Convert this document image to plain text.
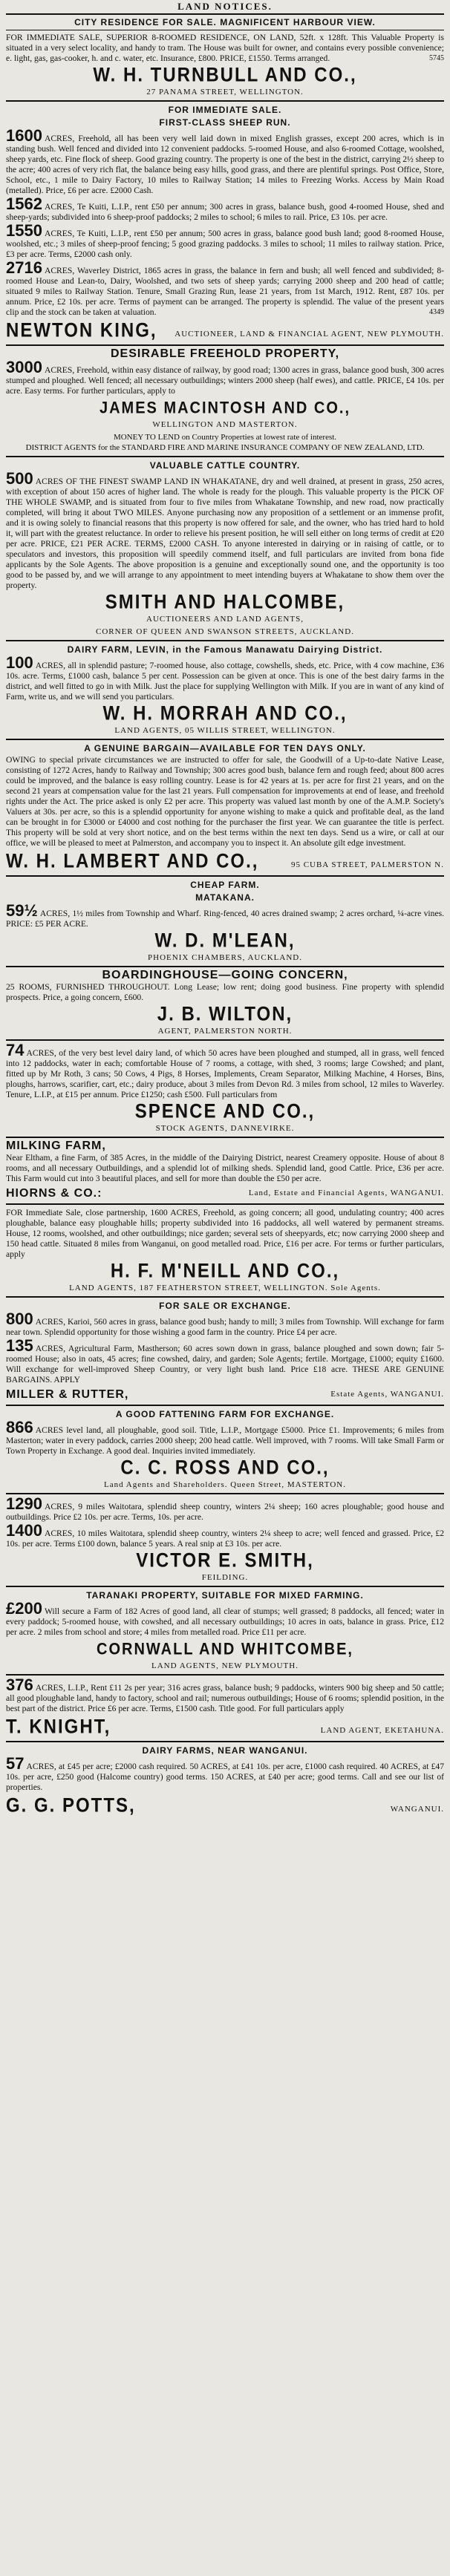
LAND NOTICES.
CITY RESIDENCE FOR SALE. MAGNIFICENT HARBOUR VIEW.
FOR IMMEDIATE SALE, SUPERIOR 8-ROOMED RESIDENCE, ON LAND, 52ft. x 128ft. This Valuable Property is situated in a very select locality, and handy to tram. The House was built for owner, and contains every possible convenience; e. light, gas, gas-cooker, h. and c. water, etc. Insurance, £800. PRICE, £1550. Terms arranged.	5745
W. H. TURNBULL AND CO.,
27 PANAMA STREET, WELLINGTON.
FOR IMMEDIATE SALE.
FIRST-CLASS SHEEP RUN.
1600 ACRES, Freehold, all has been very well laid down in mixed English grasses, except 200 acres, which is in standing bush. Well fenced and divided into 12 convenient paddocks. 5-roomed House, and also 6-roomed Cottage, woolshed, sheep yards, etc. Fine flock of sheep. Good grazing country. The property is one of the best in the district, carrying 2½ sheep to the acre; 400 acres of very rich flat, the balance being easy hills, good grass, and there are plentiful springs. Post Office, Store, School, etc., 1 mile to Dairy Factory, 10 miles to Railway Station; 14 miles to Freezing Works. Access by Main Road (metalled). Price, £6 per acre. £2000 Cash.
1562 ACRES, Te Kuiti, L.I.P., rent £50 per annum; 300 acres in grass, balance bush, good 4-roomed House, shed and sheep-yards; subdivided into 6 sheep-proof paddocks; 2 miles to school; 6 miles to rail. Price, £3 10s. per acre.
1550 ACRES, Te Kuiti, L.I.P., rent £50 per annum; 500 acres in grass, balance good bush land; good 8-roomed House, woolshed, etc.; 3 miles of sheep-proof fencing; 5 good grazing paddocks. 3 miles to school; 11 miles to railway station. Price, £3 per acre. Terms, £2000 cash only.
2716 ACRES, Waverley District, 1865 acres in grass, the balance in fern and bush; all well fenced and subdivided; 8-roomed House and Lean-to, Dairy, Woolshed, and two sets of sheep yards; carrying 2000 sheep and 200 head of cattle; situated 9 miles to Railway Station. Tenure, Small Grazing Run, lease 21 years, from 1st March, 1912. Rent, £87 10s. per annum. Price, £2 10s. per acre. Terms of payment can be arranged. The property is splendid. The value of the present years clip and the stock can be taken at valuation.	4349
NEWTON KING, AUCTIONEER, LAND & FINANCIAL AGENT, NEW PLYMOUTH.
DESIRABLE FREEHOLD PROPERTY,
3000 ACRES, Freehold, within easy distance of railway, by good road; 1300 acres in grass, balance good bush, 300 acres stumped and ploughed. Well fenced; all necessary outbuildings; winters 2000 sheep (half ewes), and cattle. PRICE, £4 10s. per acre. Easy terms. For further particulars, apply to
JAMES MACINTOSH AND CO.,
WELLINGTON AND MASTERTON.
MONEY TO LEND on Country Properties at lowest rate of interest.
DISTRICT AGENTS for the STANDARD FIRE AND MARINE INSURANCE COMPANY OF NEW ZEALAND, LTD.
VALUABLE CATTLE COUNTRY.
500 ACRES OF THE FINEST SWAMP LAND IN WHAKATANE, dry and well drained, at present in grass, 250 acres, with exception of about 150 acres of higher land. The whole is ready for the plough. This valuable property is the PICK OF THE WHOLE SWAMP, and is situated from four to five miles from Whakatane Township, and new road, now practically completed, will bring it about TWO MILES. Anyone purchasing now any proposition of a settlement or an immense profit, and it is owing solely to financial reasons that this property is now offered for sale, and the owner, who has tried hard to hold it, will part with the greatest reluctance. In order to relieve his present position, he will sell either on long terms of credit at £20 per acre. PRICE, £21 PER ACRE. TERMS, £2000 CASH. To anyone interested in dairying or in raising of cattle, or to speculators and investors, this proposition will speedily commend itself, and full particulars are invited from bona fide applicants by the Sole Agents. The above proposition is a genuine and exceptionally sound one, and the opportunity is too good to be passed by, and we will arrange to any appointment to meet intending buyers at Whakatane to show them over the property.
SMITH AND HALCOMBE,
AUCTIONEERS AND LAND AGENTS,
CORNER OF QUEEN AND SWANSON STREETS, AUCKLAND.
DAIRY FARM, LEVIN, in the Famous Manawatu Dairying District.
100 ACRES, all in splendid pasture; 7-roomed house, also cottage, cowshells, sheds, etc. Price, with 4 cow machine, £36 10s. acre. Terms, £1000 cash, balance 5 per cent. Possession can be given at once. This is one of the best dairy farms in the district, and well fitted to go in with Milk. Just the place for supplying Wellington with Milk. If you are in want of any kind of Farm, write us, and we will send you particulars.
W. H. MORRAH AND CO.,
LAND AGENTS, 05 WILLIS STREET, WELLINGTON.
A GENUINE BARGAIN—AVAILABLE FOR TEN DAYS ONLY.
OWING to special private circumstances we are instructed to offer for sale, the Goodwill of a Up-to-date Native Lease, consisting of 1272 Acres, handy to Railway and Township; 300 acres good bush, balance fern and rough feed; about 800 acres could be improved, and the balance is easy rolling country. Lease is for 42 years at 1s. per acre for first 21 years, and on the second 21 years at compensation value for the last 21 years. Full compensation for improvements at end of lease, and freehold rights under the Act. The price asked is only £2 per acre. This property was valued last month by one of the A.M.P. Society's Valuers at 30s. per acre, so this is a splendid opportunity for anyone wishing to make a quick and profitable deal, as the land can be brought in for £3000 or £4000 and cost nothing for the purchaser the first year. We can guarantee the title is perfect. This property will be sold at very short notice, and on the best terms within the next ten days. Send us a wire, or call at our office, we will be pleased to meet at Palmerston, and accompany you to inspect it. An absolute gilt edge investment.
W. H. LAMBERT AND CO.,	95 CUBA STREET, PALMERSTON N.
CHEAP FARM.
MATAKANA.
59½ ACRES, 1½ miles from Township and Wharf. Ring-fenced, 40 acres drained swamp; 2 acres orchard, ¼-acre vines. PRICE: £5 PER ACRE.
W. D. M'LEAN,
PHOENIX CHAMBERS, AUCKLAND.
BOARDINGHOUSE—GOING CONCERN,
25 ROOMS, FURNISHED THROUGHOUT. Long Lease; low rent; doing good business. Fine property with splendid prospects. Price, a going concern, £600.
J. B. WILTON,
AGENT, PALMERSTON NORTH.
74 ACRES, of the very best level dairy land, of which 50 acres have been ploughed and stumped, all in grass, well fenced into 12 paddocks, water in each; comfortable House of 7 rooms, a cottage, with shed, 3 rooms; large Cowshed; and plant, fitted up by Mr Roth, 3 cans; 50 Cows, 4 Pigs, 8 Horses, Implements, Cream Separator, Milking Machine, 4 Horses, Bins, ploughs, harrows, scarifier, cart, etc.; dairy produce, about 3 miles from Devon Rd. 3 miles from school, 12 miles to Waverley. Tenure, L.I.P., at £15 per annum. Price £1250; cash £500. Full particulars from
SPENCE AND CO.,
STOCK AGENTS, DANNEVIRKE.
MILKING FARM,
Near Eltham, a fine Farm, of 385 Acres, in the middle of the Dairying District, nearest Creamery opposite. House of about 8 rooms, and all necessary Outbuildings, and a splendid lot of milking sheds. Splendid land, good Cattle. Price, £36 per acre. This Farm would cut into 3 beautiful places, and sell for more than double the £50 per acre.
HIORNS & CO.:	Land, Estate and Financial Agents, WANGANUI.
FOR Immediate Sale, close partnership, 1600 ACRES, Freehold, as going concern; all good, undulating country; 400 acres ploughable, balance easy ploughable hills; property subdivided into 16 paddocks, all well watered by permanent streams. House, 12 rooms, woolshed, and other outbuildings; nice garden; several sets of sheepyards, etc; now carrying 2000 sheep and 150 head cattle. Situated 8 miles from Wanganui, on good metalled road. Price, £16 per acre. For terms or further particulars, apply
H. F. M'NEILL AND CO.,
LAND AGENTS, 187 FEATHERSTON STREET, WELLINGTON. Sole Agents.
FOR SALE OR EXCHANGE.
800 ACRES, Karioi, 560 acres in grass, balance good bush; handy to mill; 3 miles from Township. Will exchange for farm near town. Splendid opportunity for those wishing a good farm in the country. Price £4 per acre.
135 ACRES, Agricultural Farm, Mastherson; 60 acres sown down in grass, balance ploughed and sown down; fair 5-roomed House; also in oats, 45 acres; fine cowshed, dairy, and garden; Sole Agents; fertile. Mortgage, £1000; equity £1600. Will exchange for well-improved Sheep Country, or very light bush land. Price £18 acre. THESE ARE GENUINE BARGAINS. APPLY
MILLER & RUTTER,	Estate Agents, WANGANUI.
A GOOD FATTENING FARM FOR EXCHANGE.
866 ACRES level land, all ploughable, good soil. Title, L.I.P., Mortgage £5000. Price £1. Improvements; 6 miles from Masterton; water in every paddock, carries 2000 sheep; 200 head cattle. Well improved, with 7 rooms. Will take Small Farm or Town Property in Exchange. A good deal. Inquiries invited immediately.
C. C. ROSS AND CO.,
Land Agents and Shareholders. Queen Street, MASTERTON.
1290 ACRES, 9 miles Waitotara, splendid sheep country, winters 2¼ sheep; 160 acres ploughable; good house and outbuildings. Price £2 10s. per acre. Terms, 10s. per acre.
1400 ACRES, 10 miles Waitotara, splendid sheep country, winters 2¼ sheep to acre; well fenced and grassed. Price, £2 10s. per acre. Terms £100 down, balance 5 years. A real snip at £3 10s. per acre.
VICTOR E. SMITH,
FEILDING.
TARANAKI PROPERTY, SUITABLE FOR MIXED FARMING.
£200 Will secure a Farm of 182 Acres of good land, all clear of stumps; well grassed; 8 paddocks, all fenced; water in every paddock; 5-roomed house, with cowshed, and all necessary outbuildings; 10 acres in oats, balance in grass. Price, £12 per acre. 2 miles from school and store; 4 miles from metalled road. Price £11 per acre.
CORNWALL AND WHITCOMBE,
LAND AGENTS, NEW PLYMOUTH.
376 ACRES, L.I.P., Rent £11 2s per year; 316 acres grass, balance bush; 9 paddocks, winters 900 big sheep and 50 cattle; all good ploughable land, handy to factory, school and rail; numerous outbuildings; House of 6 rooms; splendid position, in the best part of the district. Price £6 per acre. Terms, £1500 cash. Title good. For full particulars apply
T. KNIGHT,	LAND AGENT, EKETAHUNA.
DAIRY FARMS, NEAR WANGANUI.
57 ACRES, at £45 per acre; £2000 cash required. 50 ACRES, at £41 10s. per acre, £1000 cash required. 40 ACRES, at £47 10s. per acre, £250 good (Halcome country) good terms. 150 ACRES, at £40 per acre; good terms. Call and see our list of properties.
G. G. POTTS,	WANGANUI.
